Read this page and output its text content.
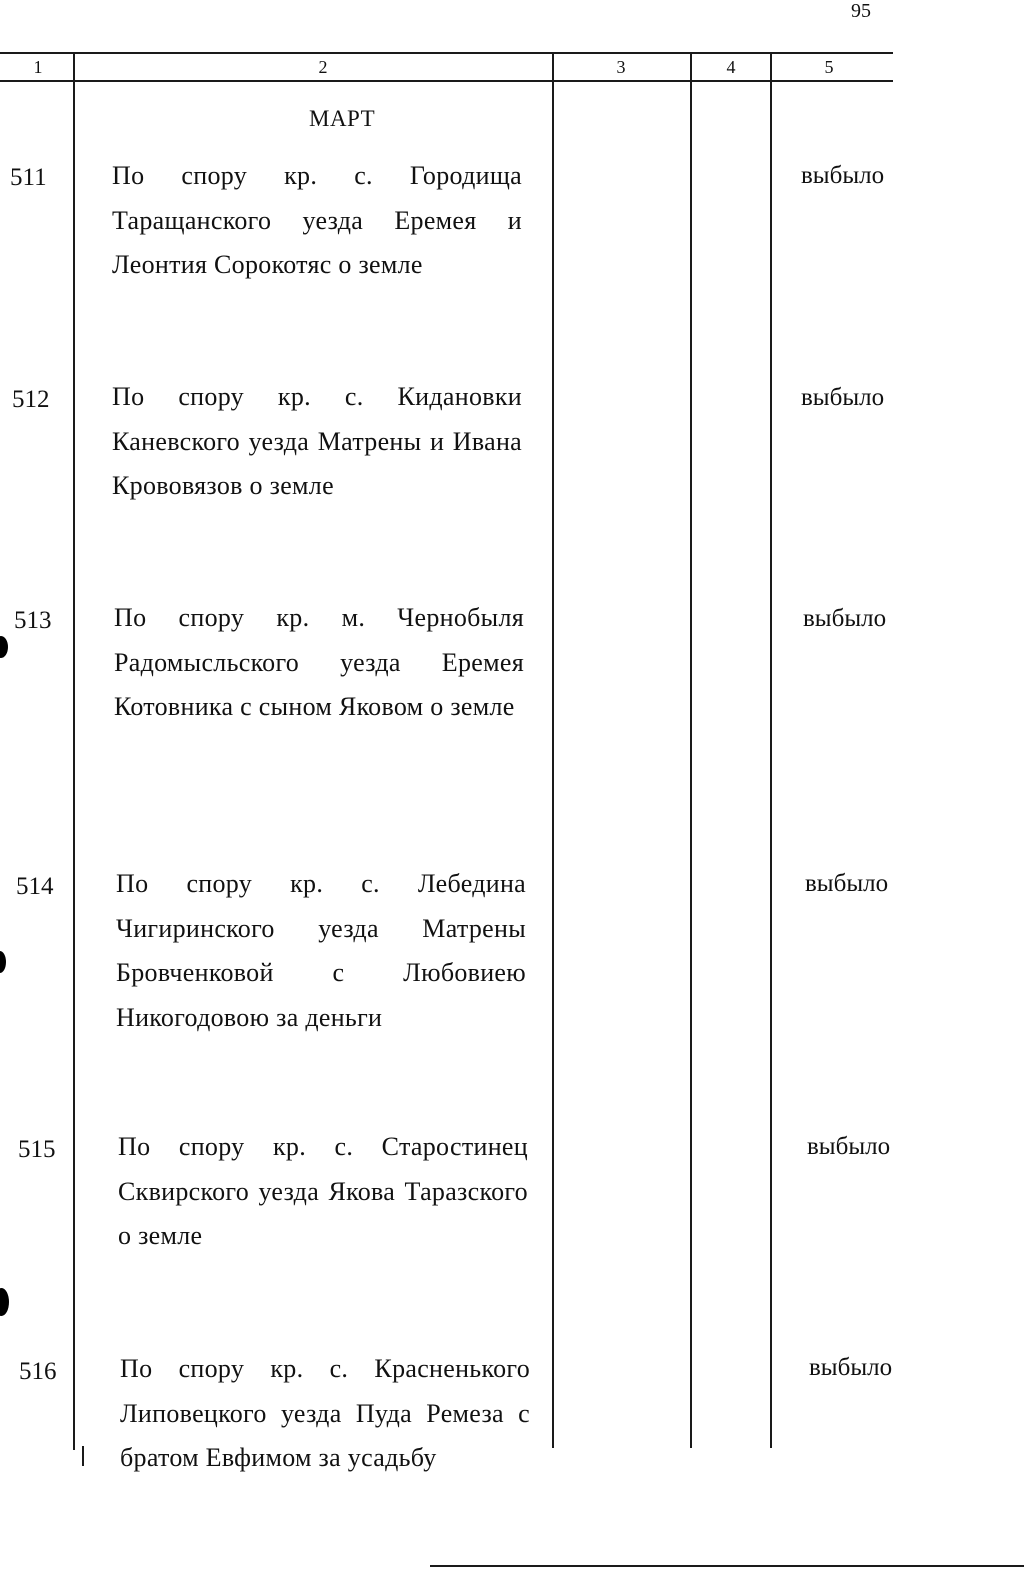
95
1	2	3	4	5
МАРТ
511	По спору кр. с. Городища Таращанского уезда Еремея и Леонтия Сорокотяс о земле
выбыло
512 По спору кр. с. Кидановки Каневского уезда Матрены и Ивана Крововязов о земле
выбыло
513 По спору кр. м. Чернобыля Радомысльского уезда Еремея Котовника с сыном Яковом о земле
выбыло
514 По спору кр. с. Лебедина Чигиринского уезда Матрены Бровченковой с Любовиею Никогодовою за деньги
выбыло
515 По спору кр. с. Старостинец Сквирского уезда Якова Таразского о земле
выбыло
516 По спору кр. с. Красненького Липовецкого уезда Пуда Ремеза с братом Евфимом за усадьбу
выбыло
